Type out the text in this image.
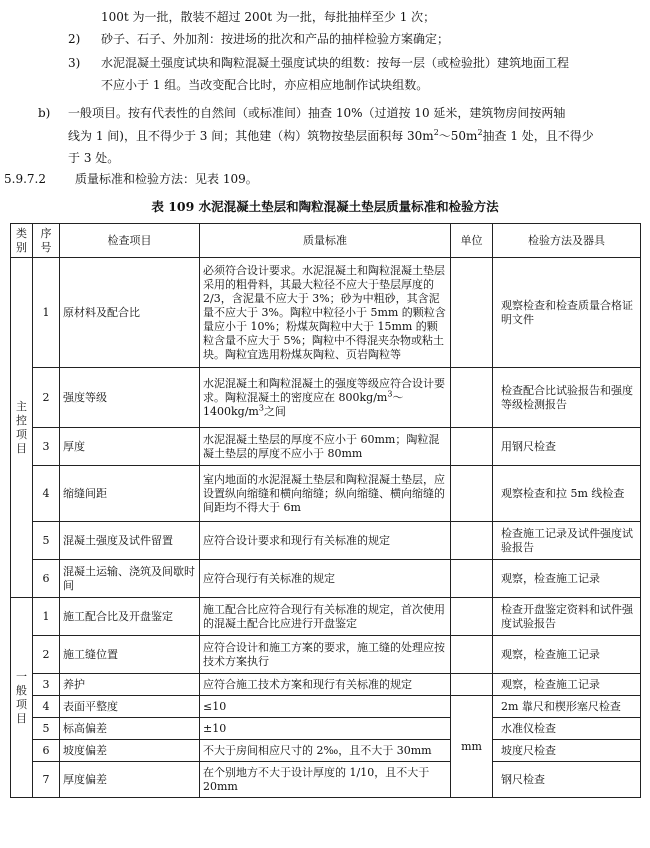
100t 为一批，散装不超过 200t 为一批，每批抽样至少 1 次；
2) 砂子、石子、外加剂：按进场的批次和产品的抽样检验方案确定；
3) 水泥混凝土强度试块和陶粒混凝土强度试块的组数：按每一层（或检验批）建筑地面工程
不应小于 1 组。当改变配合比时，亦应相应地制作试块组数。
b) 一般项目。按有代表性的自然间（或标准间）抽查 10%（过道按 10 延米，建筑物房间按两轴
线为 1 间)，且不得少于 3 间；其他建（构）筑物按垫层面积每 $30m^2\sim 50m^2$抽查 1 处，且不得少
于 3 处。
5.9.7.2 质量标准和检验方法：见表 109。
表 109 水泥混凝土垫层和陶粒混凝土垫层质量标准和检验方法
类别	序号	检查项目	质量标准	单位	检验方法及器具

主控项目	1	原材料及配合比	必须符合设计要求。水泥混凝土和陶粒混凝土垫层采用的粗骨料，其最大粒径不应大于垫层厚度的 2/3，含泥量不应大于 3%；砂为中粗砂，其含泥量不应大于 3%。陶粒中粒径小于 5mm 的颗粒含量应小于 10%；粉煤灰陶粒中大于 15mm 的颗粒含量不应大于 5%；陶粒中不得混夹杂物或粘土块。陶粒宜选用粉煤灰陶粒、页岩陶粒等		观察检查和检查质量合格证明文件
	2	强度等级	水泥混凝土和陶粒混凝土的强度等级应符合设计要求。陶粒混凝土的密度应在 $800kg/m^3\sim 1400kg/m^3$之间		检查配合比试验报告和强度等级检测报告
	3	厚度	水泥混凝土垫层的厚度不应小于 60mm；陶粒混凝土垫层的厚度不应小于 80mm		用钢尺检查
	4	缩缝间距	室内地面的水泥混凝土垫层和陶粒混凝土垫层，应设置纵向缩缝和横向缩缝；纵向缩缝、横向缩缝的间距均不得大于 6m		观察检查和拉 5m 线检查
	5	混凝土强度及试件留置	应符合设计要求和现行有关标准的规定		检查施工记录及试件强度试验报告
	6	混凝土运输、浇筑及间歇时间	应符合现行有关标准的规定		观察，检查施工记录

一般项目	1	施工配合比及开盘鉴定	施工配合比应符合现行有关标准的规定，首次使用的混凝土配合比应进行开盘鉴定		检查开盘鉴定资料和试件强度试验报告
	2	施工缝位置	应符合设计和施工方案的要求，施工缝的处理应按技术方案执行		观察，检查施工记录
	3	养护	应符合施工技术方案和现行有关标准的规定		观察，检查施工记录
	4	表面平整度	≤10	mm	2m 靠尺和楔形塞尺检查
	5	标高偏差	±10		水准仪检查
	6	坡度偏差	不大于房间相应尺寸的 2‰，且不大于 30mm		坡度尺检查
	7	厚度偏差	在个别地方不大于设计厚度的 1/10，且不大于 20mm		钢尺检查
